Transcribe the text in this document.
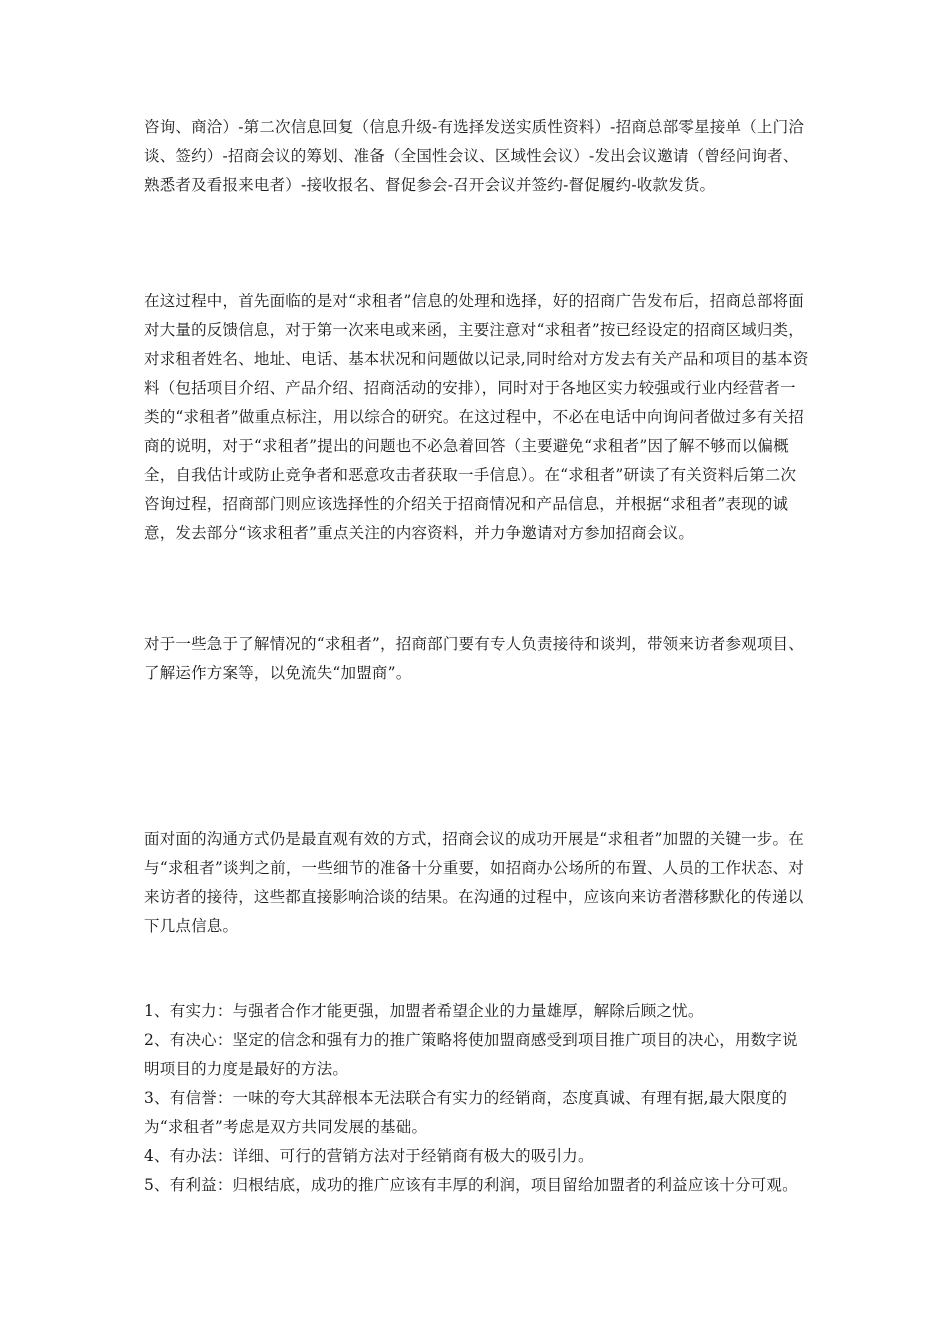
咨询、商洽）-第二次信息回复（信息升级-有选择发送实质性资料）-招商总部零星接单（上门洽谈、签约）-招商会议的筹划、准备（全国性会议、区域性会议）-发出会议邀请（曾经问询者、熟悉者及看报来电者）-接收报名、督促参会-召开会议并签约-督促履约-收款发货。

在这过程中，首先面临的是对“求租者”信息的处理和选择，好的招商广告发布后，招商总部将面对大量的反馈信息，对于第一次来电或来函，主要注意对“求租者”按已经设定的招商区域归类，对求租者姓名、地址、电话、基本状况和问题做以记录,同时给对方发去有关产品和项目的基本资料（包括项目介绍、产品介绍、招商活动的安排），同时对于各地区实力较强或行业内经营者一类的“求租者”做重点标注，用以综合的研究。在这过程中，不必在电话中向询问者做过多有关招商的说明，对于“求租者”提出的问题也不必急着回答（主要避免“求租者”因了解不够而以偏概全，自我估计或防止竞争者和恶意攻击者获取一手信息）。在“求租者”研读了有关资料后第二次咨询过程，招商部门则应该选择性的介绍关于招商情况和产品信息，并根据“求租者”表现的诚意，发去部分“该求租者”重点关注的内容资料，并力争邀请对方参加招商会议。

对于一些急于了解情况的“求租者”，招商部门要有专人负责接待和谈判，带领来访者参观项目、了解运作方案等，以免流失“加盟商”。

面对面的沟通方式仍是最直观有效的方式，招商会议的成功开展是“求租者”加盟的关键一步。在与“求租者”谈判之前，一些细节的准备十分重要，如招商办公场所的布置、人员的工作状态、对来访者的接待，这些都直接影响洽谈的结果。在沟通的过程中，应该向来访者潜移默化的传递以下几点信息。

1、有实力：与强者合作才能更强，加盟者希望企业的力量雄厚，解除后顾之忧。
2、有决心：坚定的信念和强有力的推广策略将使加盟商感受到项目推广项目的决心，用数字说明项目的力度是最好的方法。
3、有信誉：一味的夸大其辞根本无法联合有实力的经销商，态度真诚、有理有据,最大限度的为“求租者”考虑是双方共同发展的基础。
4、有办法：详细、可行的营销方法对于经销商有极大的吸引力。
5、有利益：归根结底，成功的推广应该有丰厚的利润，项目留给加盟者的利益应该十分可观。
